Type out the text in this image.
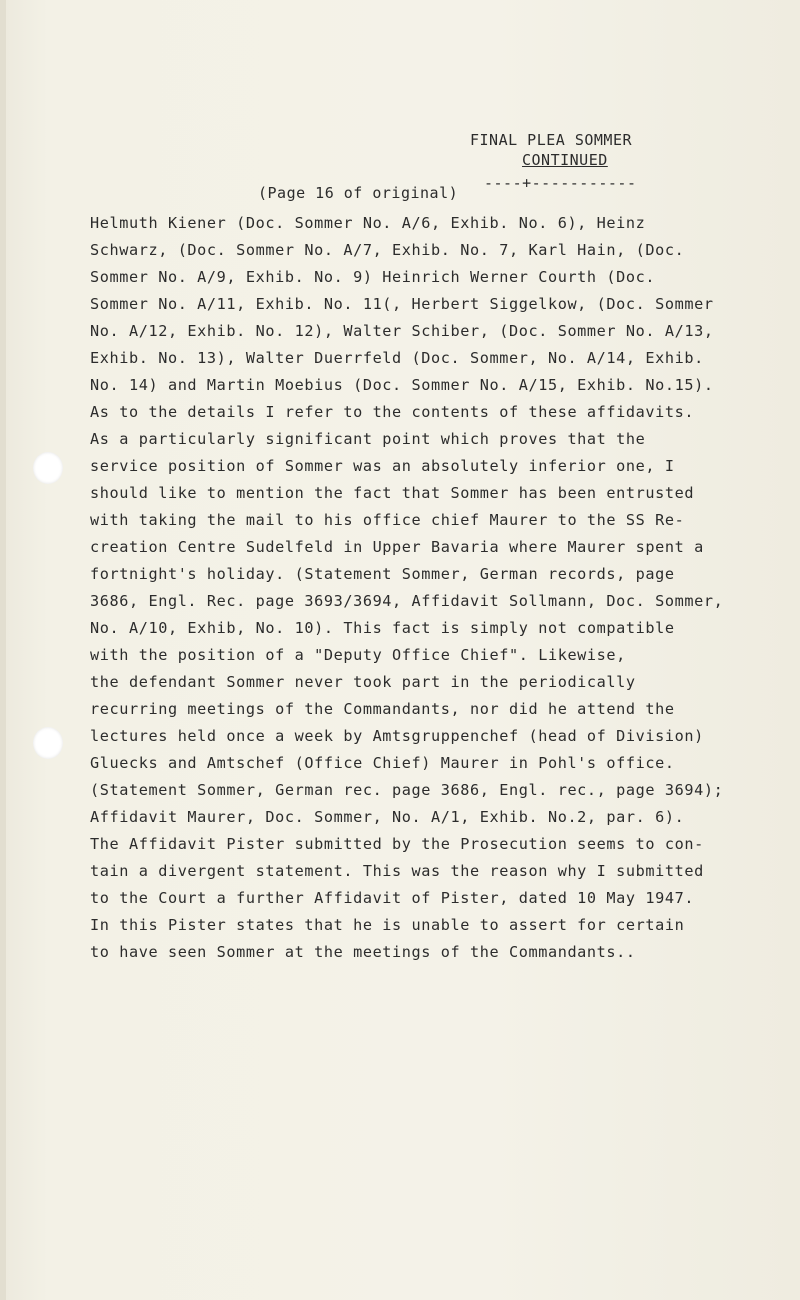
FINAL PLEA SOMMER
CONTINUED
----+-----------
(Page 16 of original)
Helmuth Kiener (Doc. Sommer No. A/6, Exhib. No. 6), Heinz
Schwarz, (Doc. Sommer No. A/7, Exhib. No. 7, Karl Hain, (Doc.
Sommer No. A/9, Exhib. No. 9) Heinrich Werner Courth (Doc.
Sommer No. A/11, Exhib. No. 11(, Herbert Siggelkow, (Doc. Sommer
No. A/12, Exhib. No. 12), Walter Schiber, (Doc. Sommer No. A/13,
Exhib. No. 13), Walter Duerrfeld (Doc. Sommer, No. A/14, Exhib.
No. 14) and Martin Moebius (Doc. Sommer No. A/15, Exhib. No.15).
As to the details I refer to the contents of these affidavits.
As a particularly significant point which proves that the
service position of Sommer was an absolutely inferior one, I
should like to mention the fact that Sommer has been entrusted
with taking the mail to his office chief Maurer to the SS Re-
creation Centre Sudelfeld in Upper Bavaria where Maurer spent a
fortnight's holiday. (Statement Sommer, German records, page
3686, Engl. Rec. page 3693/3694, Affidavit Sollmann, Doc. Sommer,
No. A/10, Exhib, No. 10). This fact is simply not compatible
with the position of a "Deputy Office Chief". Likewise,
the defendant Sommer never took part in the periodically
recurring meetings of the Commandants, nor did he attend the
lectures held once a week by Amtsgruppenchef (head of Division)
Gluecks and Amtschef (Office Chief) Maurer in Pohl's office.
(Statement Sommer, German rec. page 3686, Engl. rec., page 3694);
Affidavit Maurer, Doc. Sommer, No. A/1, Exhib. No.2, par. 6).
The Affidavit Pister submitted by the Prosecution seems to con-
tain a divergent statement. This was the reason why I submitted
to the Court a further Affidavit of Pister, dated 10 May 1947.
In this Pister states that he is unable to assert for certain
to have seen Sommer at the meetings of the Commandants..
